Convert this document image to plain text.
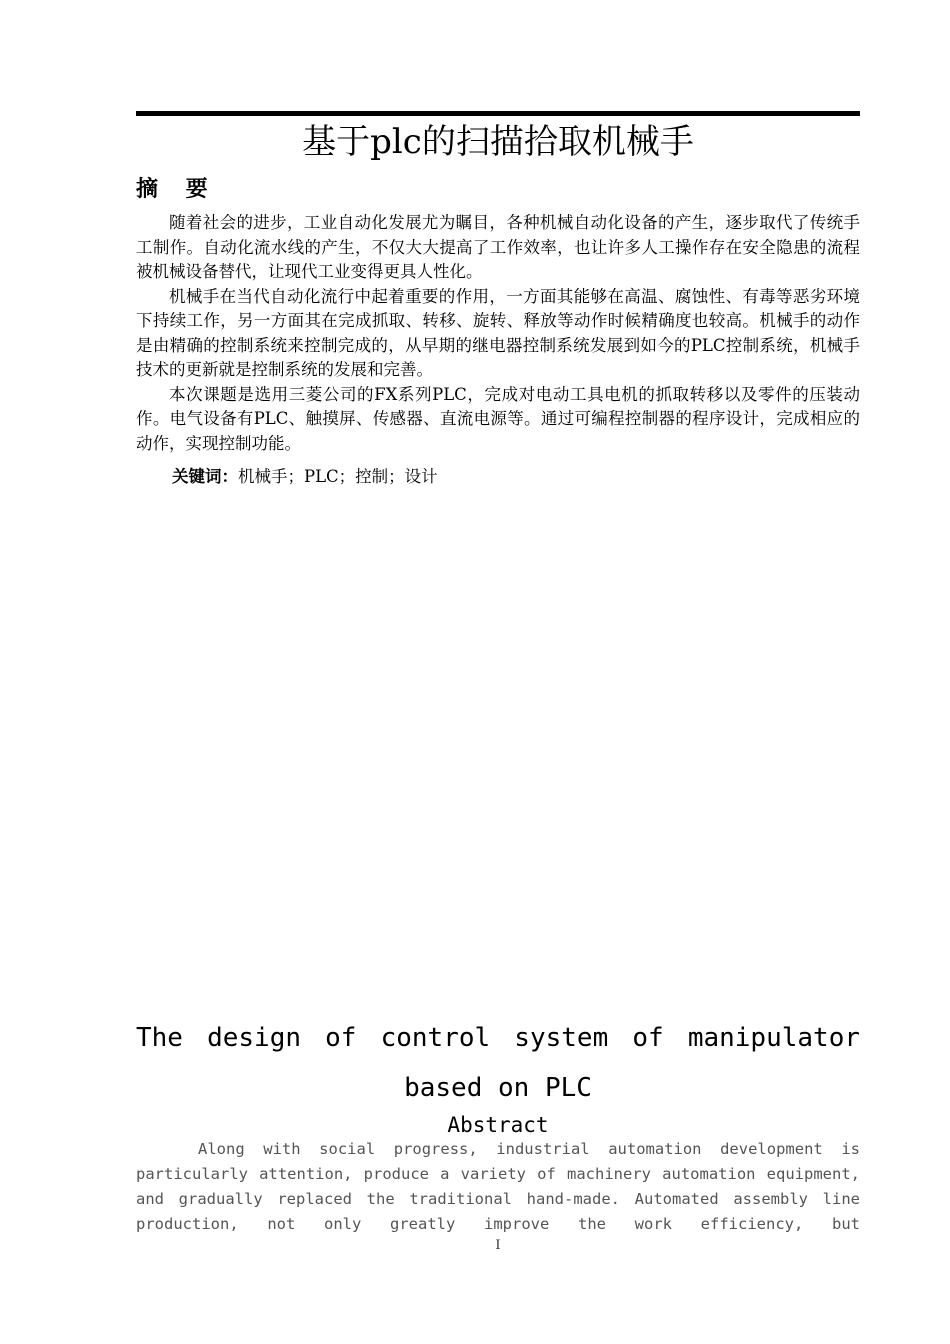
基于plc的扫描拾取机械手
摘 要

随着社会的进步，工业自动化发展尤为瞩目，各种机械自动化设备的产生，逐步取代了传统手工制作。自动化流水线的产生，不仅大大提高了工作效率，也让许多人工操作存在安全隐患的流程被机械设备替代，让现代工业变得更具人性化。

机械手在当代自动化流行中起着重要的作用，一方面其能够在高温、腐蚀性、有毒等恶劣环境下持续工作，另一方面其在完成抓取、转移、旋转、释放等动作时候精确度也较高。机械手的动作是由精确的控制系统来控制完成的，从早期的继电器控制系统发展到如今的PLC控制系统，机械手技术的更新就是控制系统的发展和完善。

本次课题是选用三菱公司的FX系列PLC，完成对电动工具电机的抓取转移以及零件的压装动作。电气设备有PLC、触摸屏、传感器、直流电源等。通过可编程控制器的程序设计，完成相应的动作，实现控制功能。

关键词：机械手；PLC；控制；设计
The design of control system of manipulator based on PLC
Abstract

Along with social progress, industrial automation development is particularly attention, produce a variety of machinery automation equipment, and gradually replaced the traditional hand-made. Automated assembly line production, not only greatly improve the work efficiency, but

I
